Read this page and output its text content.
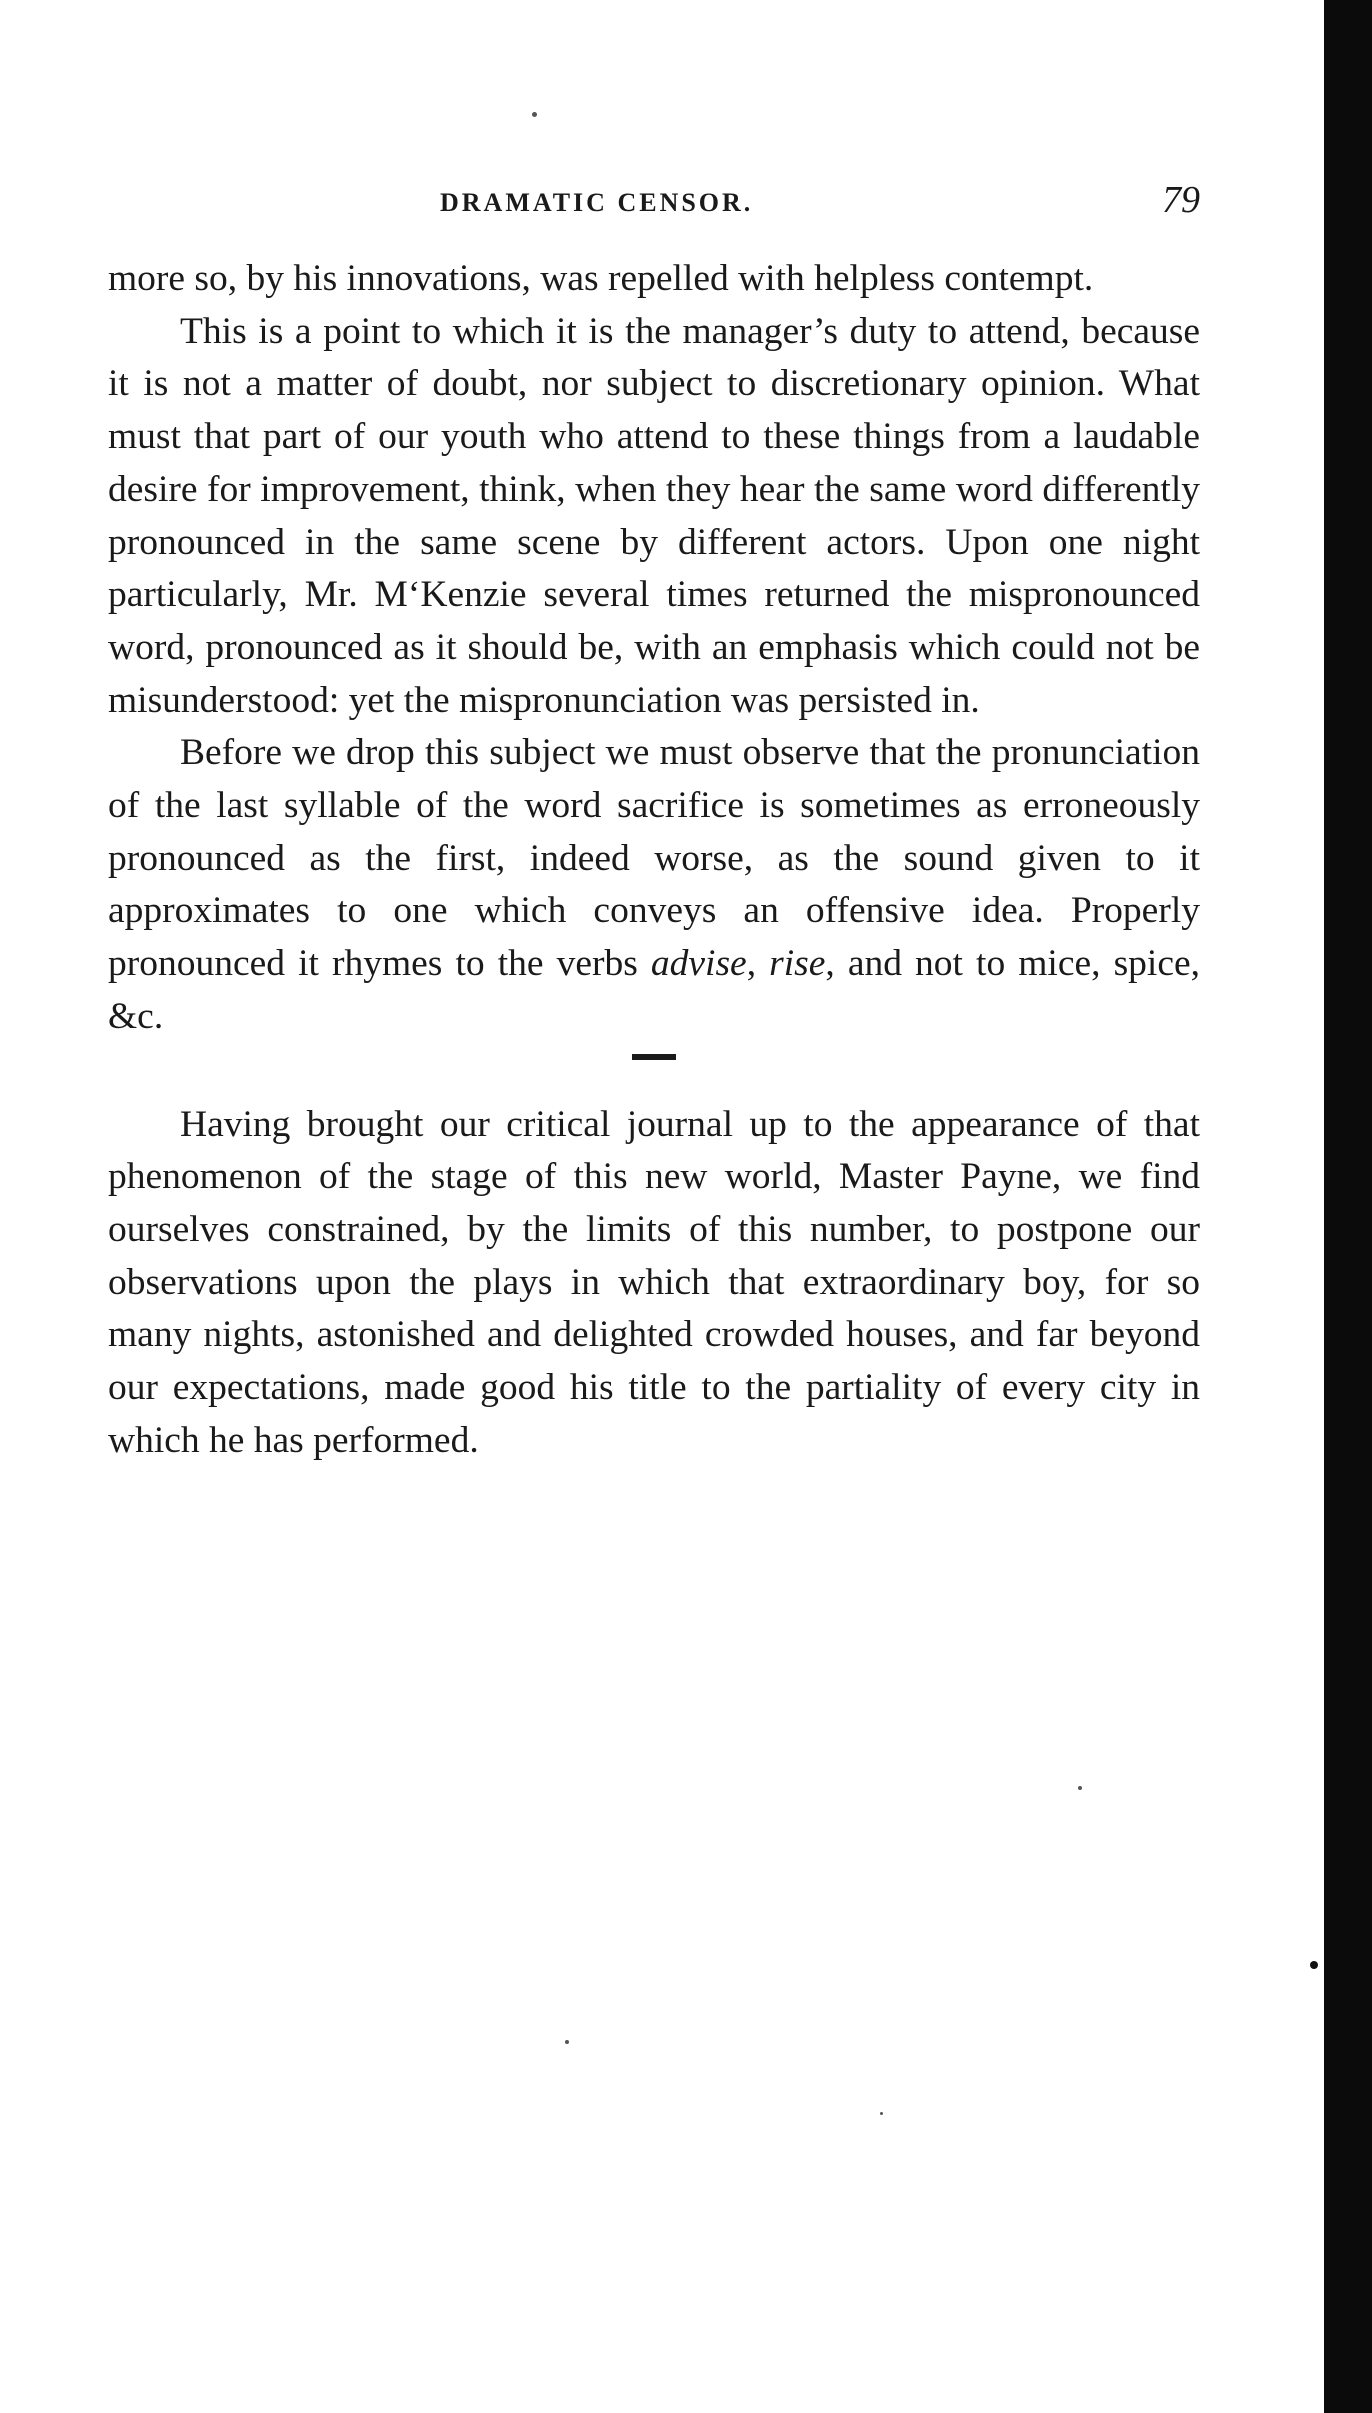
DRAMATIC CENSOR.	79

more so, by his innovations, was repelled with helpless contempt.

This is a point to which it is the manager’s duty to attend, because it is not a matter of doubt, nor subject to discretionary opinion. What must that part of our youth who attend to these things from a laudable desire for improvement, think, when they hear the same word differently pronounced in the same scene by different actors. Upon one night particularly, Mr. M‘Kenzie several times returned the mispronounced word, pronounced as it should be, with an emphasis which could not be misunderstood: yet the mispronunciation was persisted in.

Before we drop this subject we must observe that the pronunciation of the last syllable of the word sacrifice is sometimes as erroneously pronounced as the first, indeed worse, as the sound given to it approximates to one which conveys an offensive idea. Properly pronounced it rhymes to the verbs advise, rise, and not to mice, spice, &c.

Having brought our critical journal up to the appearance of that phenomenon of the stage of this new world, Master Payne, we find ourselves constrained, by the limits of this number, to postpone our observations upon the plays in which that extraordinary boy, for so many nights, astonished and delighted crowded houses, and far beyond our expectations, made good his title to the partiality of every city in which he has performed.
